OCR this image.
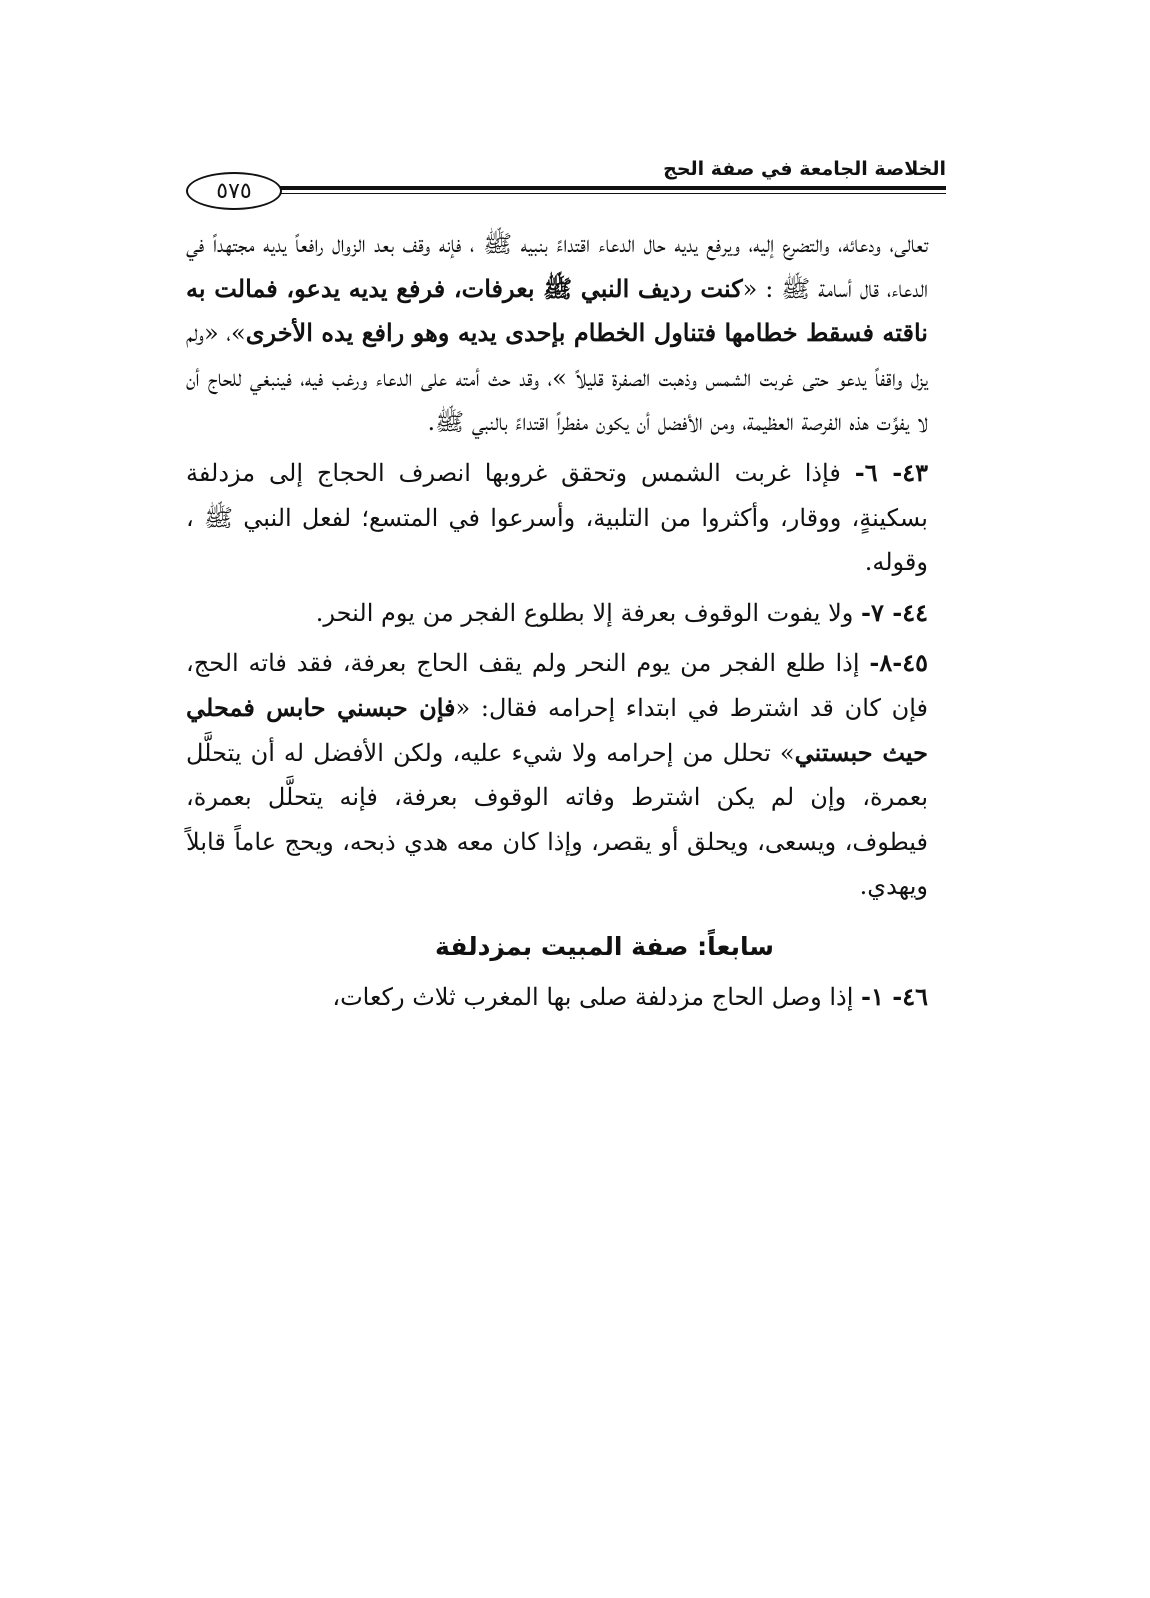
الخلاصة الجامعة في صفة الحج
٥٧٥

تعالى، ودعائه، والتضرع إليه، ويرفع يديه حال الدعاء اقتداءً بنبيه ﷺ ، فإنه وقف بعد الزوال رافعاً يديه مجتهداً في الدعاء، قال أسامة ﷺ : «كنت رديف النبي ﷺ بعرفات، فرفع يديه يدعو، فمالت به ناقته فسقط خطامها فتناول الخطام بإحدى يديه وهو رافع يده الأخرى»، «ولم يزل واقفاً يدعو حتى غربت الشمس وذهبت الصفرة قليلاً »، وقد حث أمته على الدعاء ورغب فيه، فينبغي للحاج أن لا يفوِّت هذه الفرصة العظيمة، ومن الأفضل أن يكون مفطراً اقتداءً بالنبي ﷺ.

٤٣- ٦- فإذا غربت الشمس وتحقق غروبها انصرف الحجاج إلى مزدلفة بسكينةٍ، ووقار، وأكثروا من التلبية، وأسرعوا في المتسع؛ لفعل النبي ﷺ ، وقوله.

٤٤- ٧- ولا يفوت الوقوف بعرفة إلا بطلوع الفجر من يوم النحر.

٤٥-٨- إذا طلع الفجر من يوم النحر ولم يقف الحاج بعرفة، فقد فاته الحج، فإن كان قد اشترط في ابتداء إحرامه فقال: «فإن حبسني حابس فمحلي حيث حبستني» تحلل من إحرامه ولا شيء عليه، ولكن الأفضل له أن يتحلَّل بعمرة، وإن لم يكن اشترط وفاته الوقوف بعرفة، فإنه يتحلَّل بعمرة، فيطوف، ويسعى، ويحلق أو يقصر، وإذا كان معه هدي ذبحه، ويحج عاماً قابلاً ويهدي.

سابعاً: صفة المبيت بمزدلفة

٤٦- ١- إذا وصل الحاج مزدلفة صلى بها المغرب ثلاث ركعات،
